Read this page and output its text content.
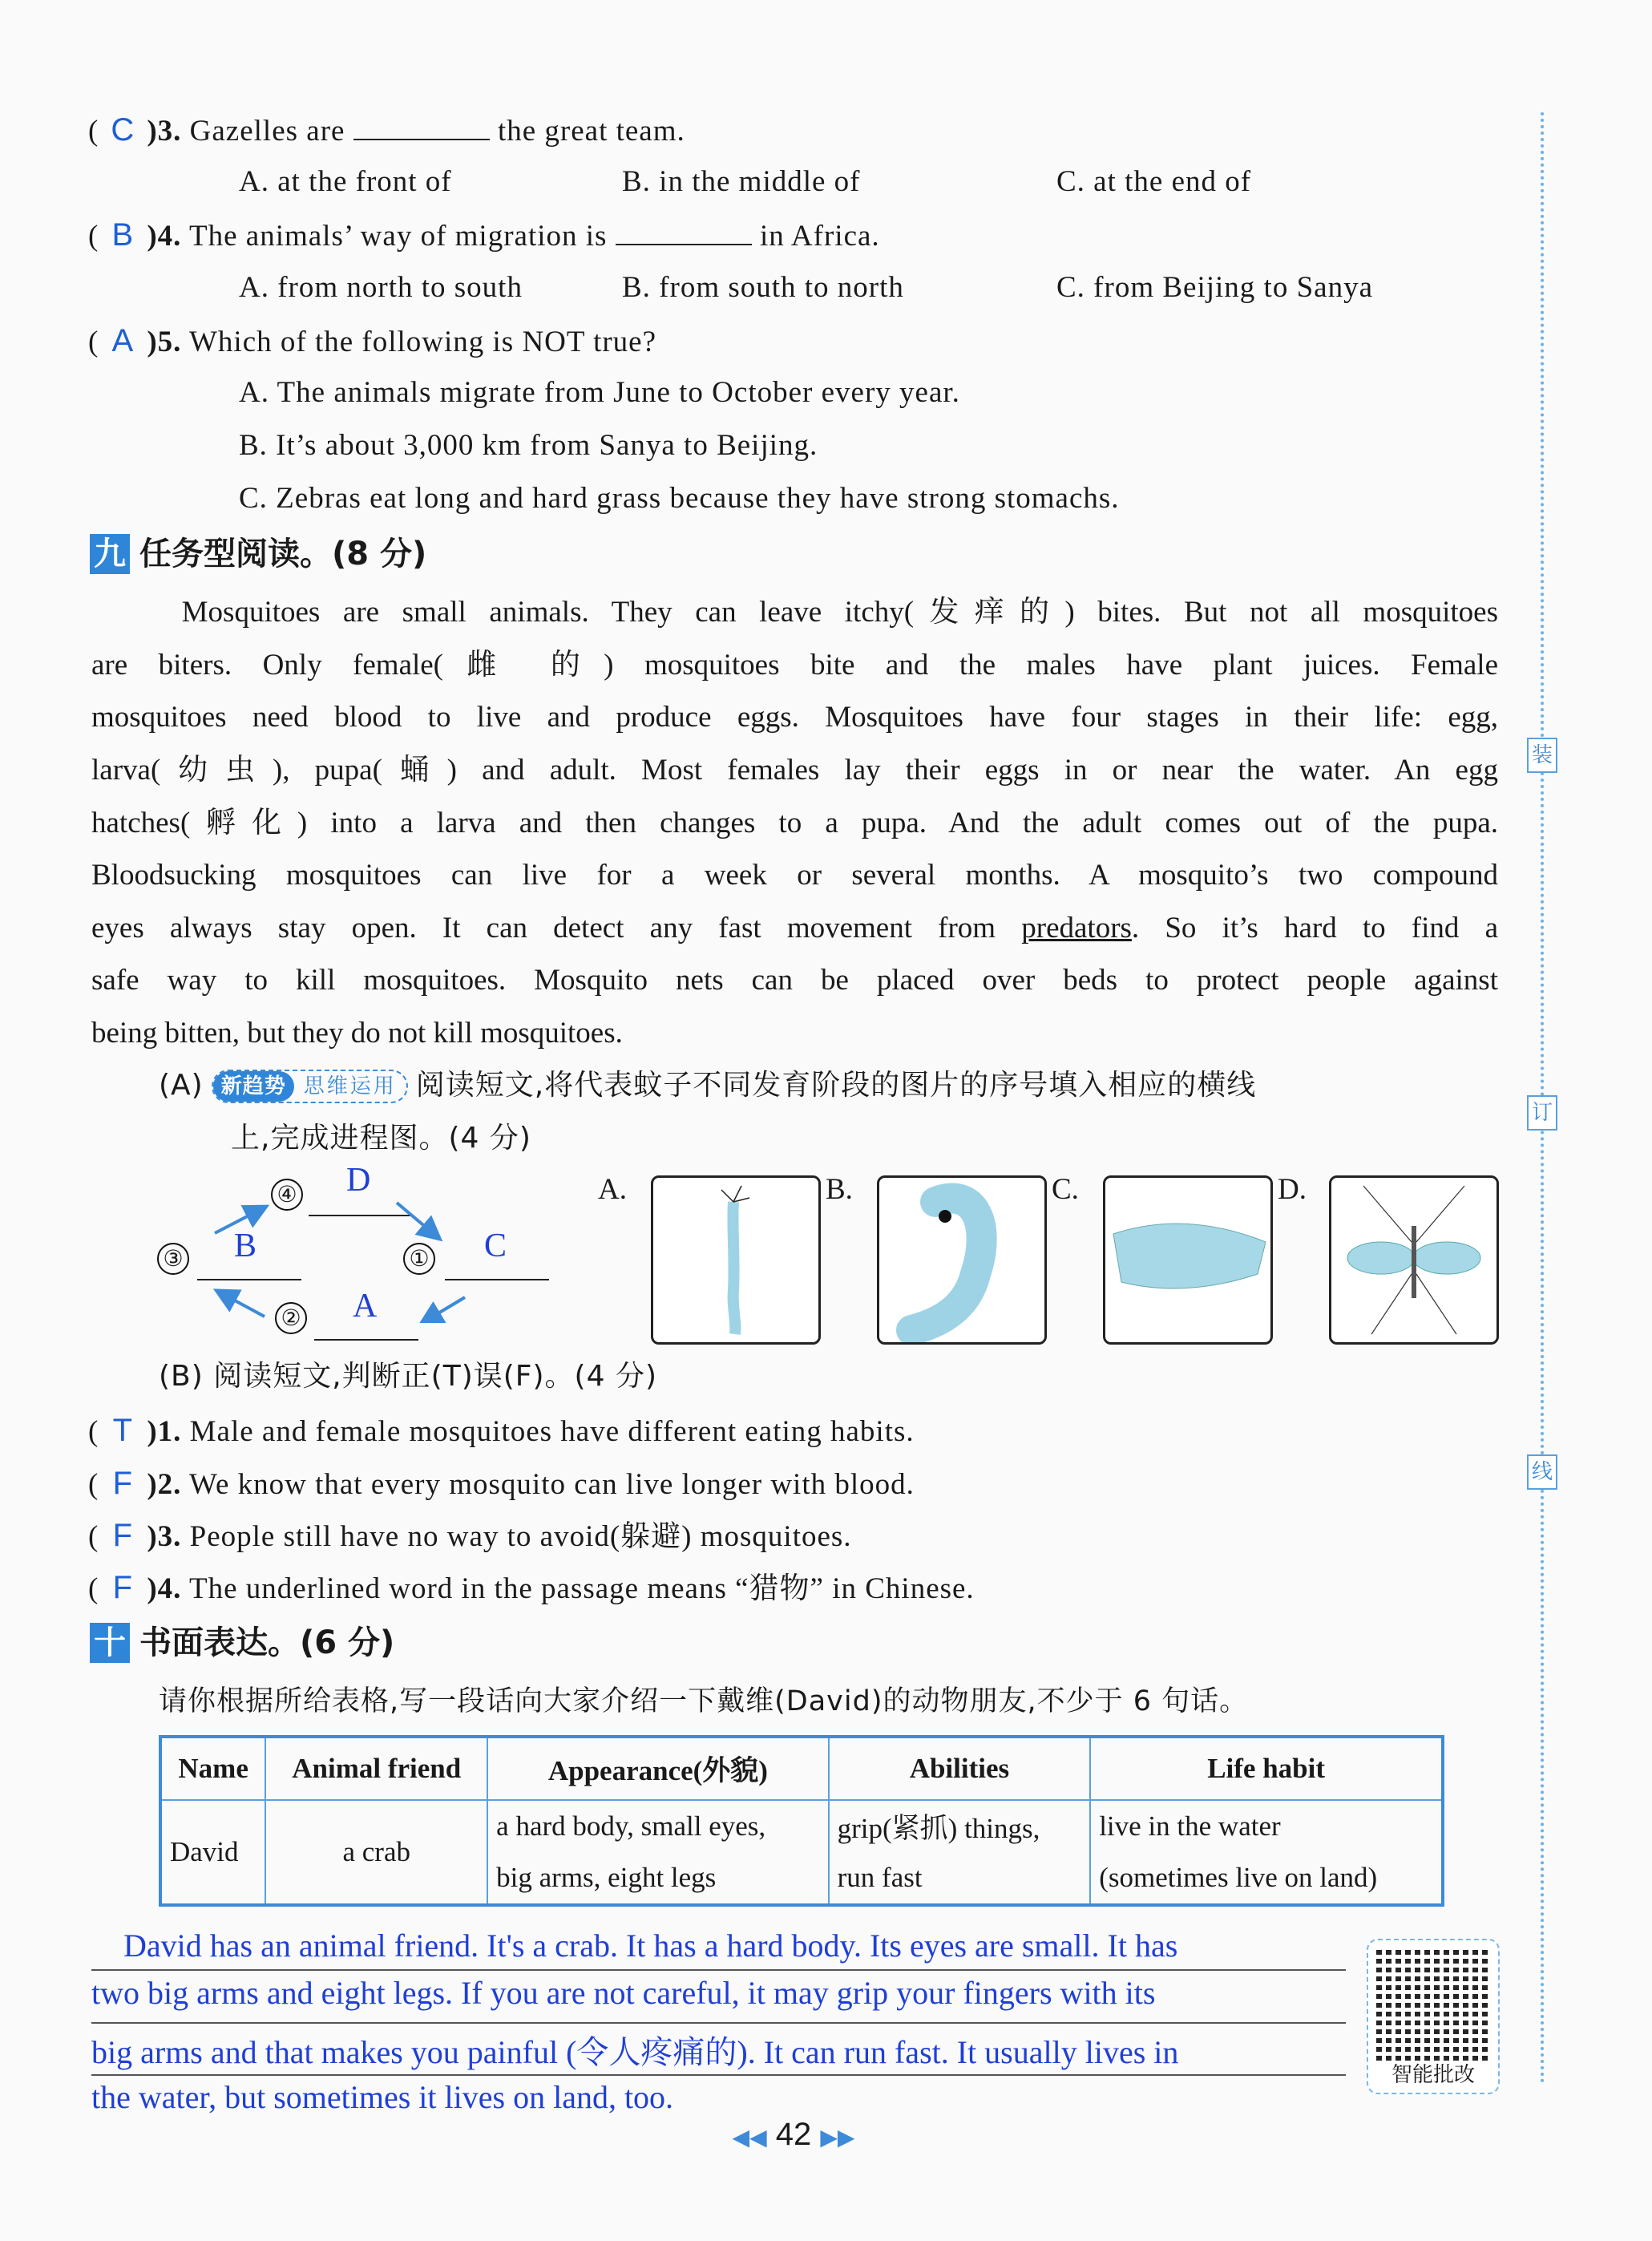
装
订
线
( C )3. Gazelles are	the great team.
A. at the front of	B. in the middle of	C. at the end of
( B )4. The animals’ way of migration is	in Africa.
A. from north to south	B. from south to north	C. from Beijing to Sanya
( A )5. Which of the following is NOT true?
A. The animals migrate from June to October every year.
B. It’s about 3,000 km from Sanya to Beijing.
C. Zebras eat long and hard grass because they have strong stomachs.
九 任务型阅读。(8 分)
　　Mosquitoes are small animals. They can leave itchy(发痒的) bites. But not all mosquitoes
are biters. Only female(雌 的) mosquitoes bite and the males have plant juices. Female
mosquitoes need blood to live and produce eggs. Mosquitoes have four stages in their life: egg,
larva(幼虫), pupa(蛹) and adult. Most females lay their eggs in or near the water. An egg
hatches(孵化) into a larva and then changes to a pupa. And the adult comes out of the pupa.
Bloodsucking mosquitoes can live for a week or several months. A mosquito’s two compound
eyes always stay open. It can detect any fast movement from predators. So it’s hard to find a
safe way to kill mosquitoes. Mosquito nets can be placed over beds to protect people against
being bitten, but they do not kill mosquitoes.
(A) 新趋势 思维运用 阅读短文,将代表蚊子不同发育阶段的图片的序号填入相应的横线
上,完成进程图。(4 分)
④ D
③ B	① C
② A
A.	B.	C.	D.
(B) 阅读短文,判断正(T)误(F)。(4 分)
( T )1. Male and female mosquitoes have different eating habits.
( F )2. We know that every mosquito can live longer with blood.
( F )3. People still have no way to avoid(躲避) mosquitoes.
( F )4. The underlined word in the passage means “猎物” in Chinese.
十 书面表达。(6 分)
请你根据所给表格,写一段话向大家介绍一下戴维(David)的动物朋友,不少于 6 句话。
Name	Animal friend	Appearance(外貌)	Abilities	Life habit
David	a crab	a hard body, small eyes,	grip(紧抓) things,	live in the water
		big arms, eight legs	run fast	(sometimes live on land)
　David has an animal friend. It's a crab. It has a hard body. Its eyes are small. It has
two big arms and eight legs. If you are not careful, it may grip your fingers with its
big arms and that makes you painful (令人疼痛的). It can run fast. It usually lives in
the water, but sometimes it lives on land, too.
智能批改
◀◀ 42 ▶▶
